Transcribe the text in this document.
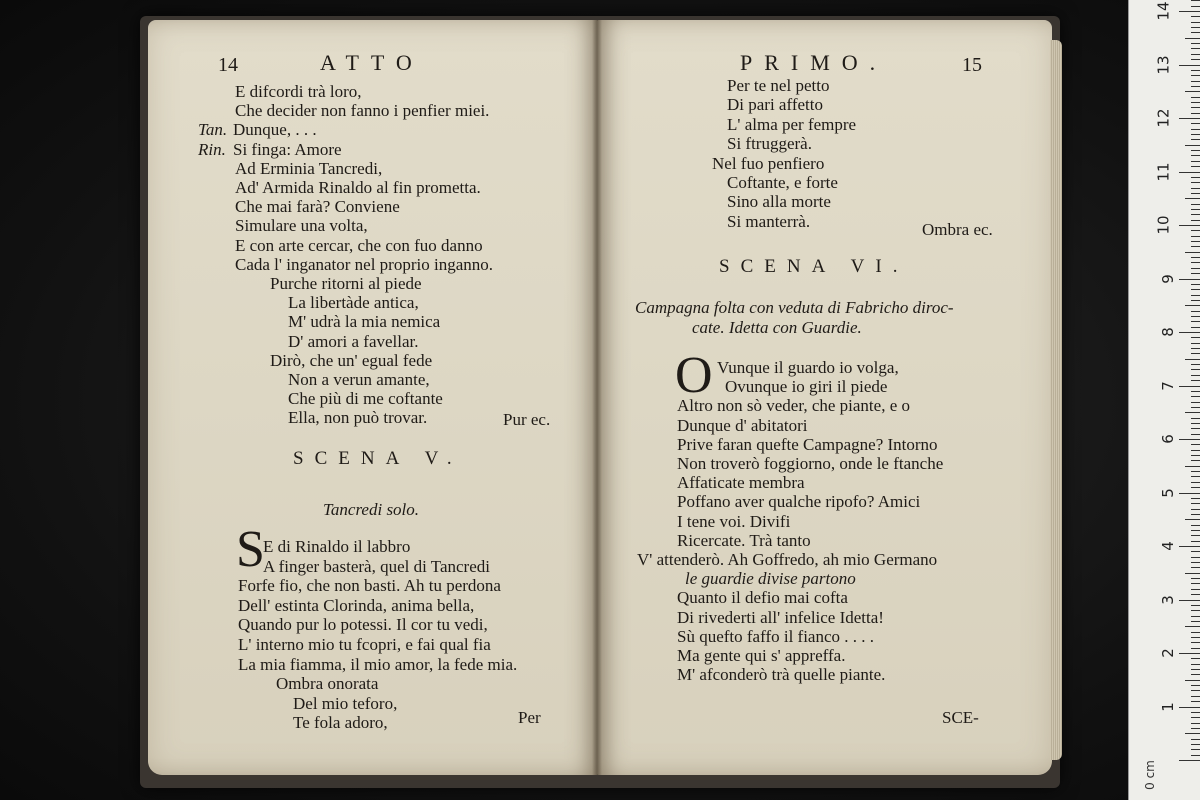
14	ATTO
E difcordi trà loro,
Che decider non fanno i penfier miei.
Tan. Dunque, . . .
Rin. Si finga: Amore
Ad Erminia Tancredi,
Ad' Armida Rinaldo al fin prometta.
Che mai farà? Conviene
Simulare una volta,
E con arte cercar, che con fuo danno
Cada l' inganator nel proprio inganno.
Purche ritorni al piede
La libertàde antica,
M' udrà la mia nemica
D' amori a favellar.
Dirò, che un' egual fede
Non a verun amante,
Che più di me coftante
Ella, non può trovar.	Pur ec.
SCENA V.
Tancredi solo.
S
E di Rinaldo il labbro
A finger basterà, quel di Tancredi
Forfe fio, che non basti. Ah tu perdona
Dell' estinta Clorinda, anima bella,
Quando pur lo potessi. Il cor tu vedi,
L' interno mio tu fcopri, e fai qual fia
La mia fiamma, il mio amor, la fede mia.
Ombra onorata
Del mio teforo,
Te fola adoro,	Per
PRIMO.	15
Per te nel petto
Di pari affetto
L' alma per fempre
Si ftruggerà.
Nel fuo penfiero
Coftante, e forte
Sino alla morte
Si manterrà.	Ombra ec.
SCENA VI.
Campagna folta con veduta di Fabricho diroc-
cate. Idetta con Guardie.
O Vunque il guardo io volga,
Ovunque io giri il piede
Altro non sò veder, che piante, e o
Dunque d' abitatori
Prive faran quefte Campagne? Intorno
Non troverò foggiorno, onde le ftanche
Affaticate membra
Poffano aver qualche ripofo? Amici
I tene voi. Divifi
Ricercate. Trà tanto
V' attenderò. Ah Goffredo, ah mio Germano
le guardie divise partono
Quanto il defio mai cofta
Di rivederti all' infelice Idetta!
Sù quefto faffo il fianco . . . .
Ma gente qui s' appreffa.
M' afconderò trà quelle piante.
SCE-
1
2
3
4
5
6
7
8
9
10
11
12
13
14
0 cm
